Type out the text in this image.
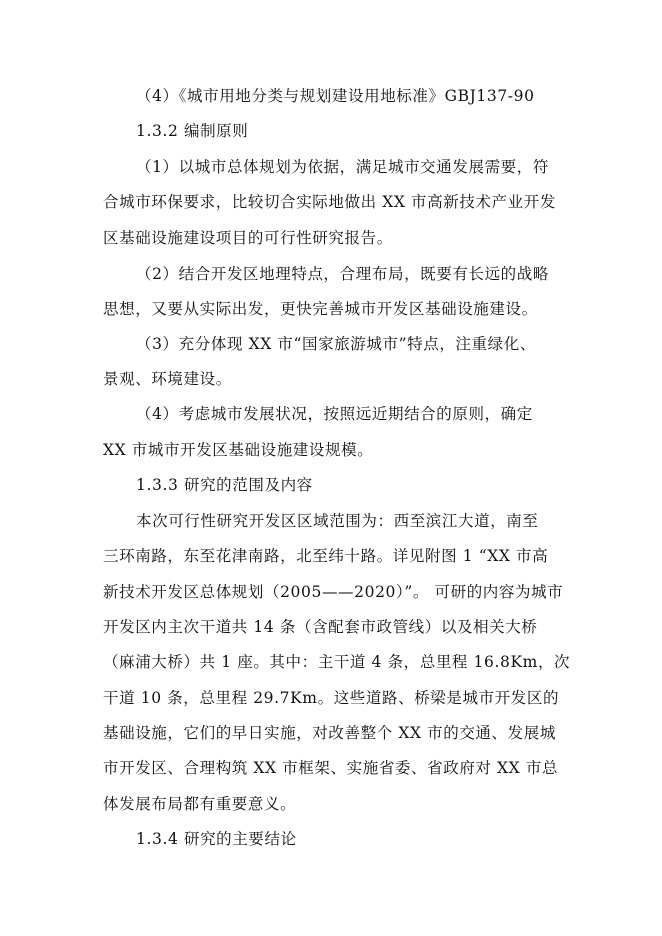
（4）《城市用地分类与规划建设用地标准》GBJ137-90
1.3.2 编制原则
（1）以城市总体规划为依据，满足城市交通发展需要，符
合城市环保要求，比较切合实际地做出 XX 市高新技术产业开发
区基础设施建设项目的可行性研究报告。
（2）结合开发区地理特点，合理布局，既要有长远的战略
思想，又要从实际出发，更快完善城市开发区基础设施建设。
（3）充分体现 XX 市“国家旅游城市”特点，注重绿化、
景观、环境建设。
（4）考虑城市发展状况，按照远近期结合的原则，确定
XX 市城市开发区基础设施建设规模。
1.3.3 研究的范围及内容
本次可行性研究开发区区域范围为：西至滨江大道，南至
三环南路，东至花津南路，北至纬十路。详见附图 1 “XX 市高
新技术开发区总体规划（2005——2020）”。 可研的内容为城市
开发区内主次干道共 14 条（含配套市政管线）以及相关大桥
（麻浦大桥）共 1 座。其中：主干道 4 条，总里程 16.8Km，次
干道 10 条，总里程 29.7Km。这些道路、桥梁是城市开发区的
基础设施，它们的早日实施，对改善整个 XX 市的交通、发展城
市开发区、合理构筑 XX 市框架、实施省委、省政府对 XX 市总
体发展布局都有重要意义。
1.3.4 研究的主要结论
